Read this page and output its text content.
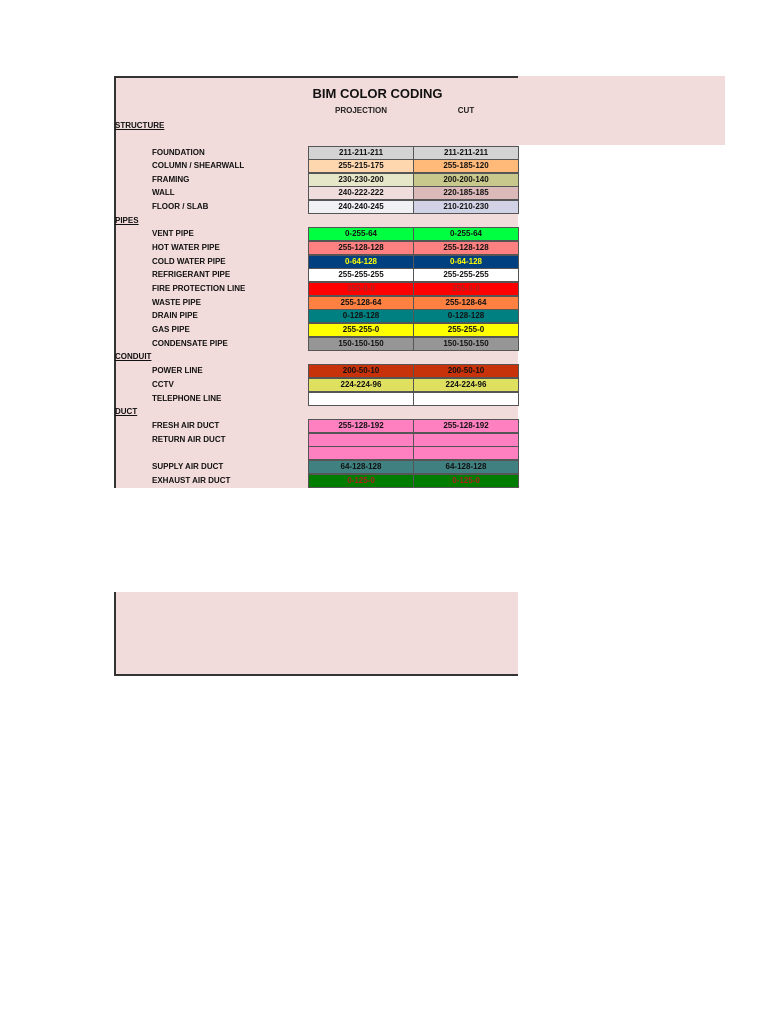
BIM COLOR CODING
PROJECTION	CUT
STRUCTURE
PIPES
CONDUIT
DUCT
FOUNDATION	211-211-211	211-211-211
COLUMN / SHEARWALL	255-215-175	255-185-120
FRAMING	230-230-200	200-200-140
WALL	240-222-222	220-185-185
FLOOR / SLAB	240-240-245	210-210-230
VENT PIPE	0-255-64	0-255-64
HOT WATER PIPE	255-128-128	255-128-128
COLD WATER PIPE	0-64-128	0-64-128
REFRIGERANT PIPE	255-255-255	255-255-255
FIRE PROTECTION LINE	255-0-0	255-0-0
WASTE PIPE	255-128-64	255-128-64
DRAIN PIPE	0-128-128	0-128-128
GAS PIPE	255-255-0	255-255-0
CONDENSATE PIPE	150-150-150	150-150-150
POWER LINE	200-50-10	200-50-10
CCTV	224-224-96	224-224-96
TELEPHONE LINE
FRESH AIR DUCT	255-128-192	255-128-192
RETURN AIR DUCT
SUPPLY AIR DUCT	64-128-128	64-128-128
EXHAUST AIR DUCT	0-125-0	0-125-0
